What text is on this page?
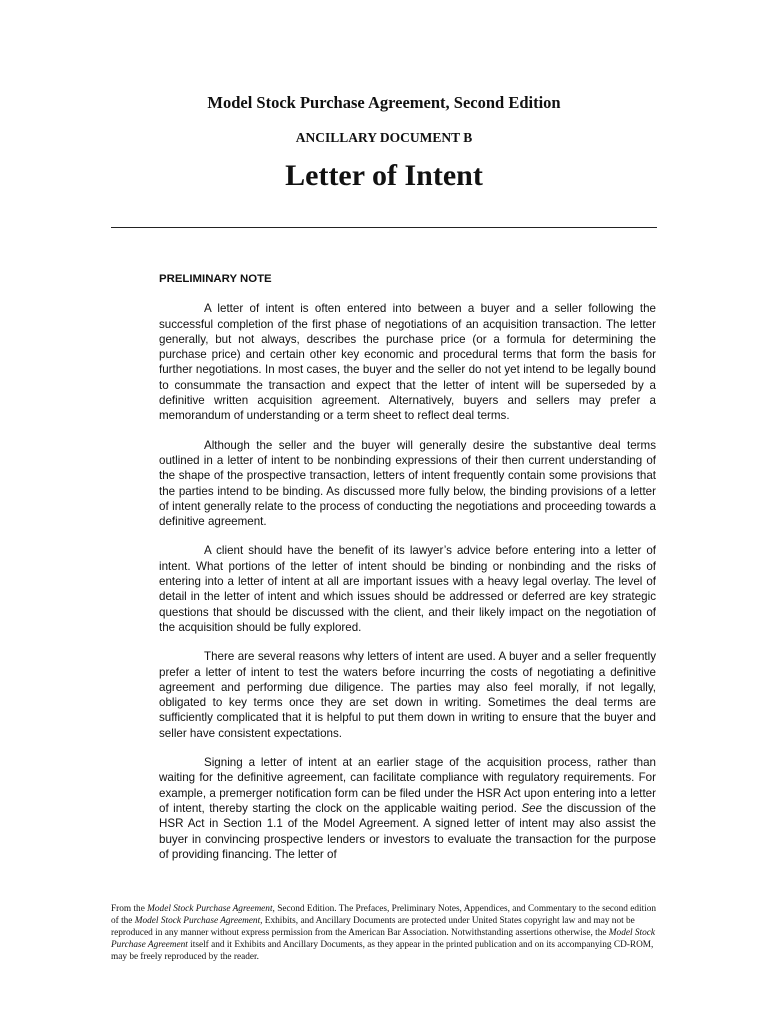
Model Stock Purchase Agreement, Second Edition
ANCILLARY DOCUMENT B
Letter of Intent

PRELIMINARY NOTE

A letter of intent is often entered into between a buyer and a seller following the successful completion of the first phase of negotiations of an acquisition transaction. The letter generally, but not always, describes the purchase price (or a formula for determining the purchase price) and certain other key economic and procedural terms that form the basis for further negotiations. In most cases, the buyer and the seller do not yet intend to be legally bound to consummate the transaction and expect that the letter of intent will be superseded by a definitive written acquisition agreement. Alternatively, buyers and sellers may prefer a memorandum of understanding or a term sheet to reflect deal terms.

Although the seller and the buyer will generally desire the substantive deal terms outlined in a letter of intent to be nonbinding expressions of their then current understanding of the shape of the prospective transaction, letters of intent frequently contain some provisions that the parties intend to be binding. As discussed more fully below, the binding provisions of a letter of intent generally relate to the process of conducting the negotiations and proceeding towards a definitive agreement.

A client should have the benefit of its lawyer’s advice before entering into a letter of intent. What portions of the letter of intent should be binding or nonbinding and the risks of entering into a letter of intent at all are important issues with a heavy legal overlay. The level of detail in the letter of intent and which issues should be addressed or deferred are key strategic questions that should be discussed with the client, and their likely impact on the negotiation of the acquisition should be fully explored.

There are several reasons why letters of intent are used. A buyer and a seller frequently prefer a letter of intent to test the waters before incurring the costs of negotiating a definitive agreement and performing due diligence. The parties may also feel morally, if not legally, obligated to key terms once they are set down in writing. Sometimes the deal terms are sufficiently complicated that it is helpful to put them down in writing to ensure that the buyer and seller have consistent expectations.

Signing a letter of intent at an earlier stage of the acquisition process, rather than waiting for the definitive agreement, can facilitate compliance with regulatory requirements. For example, a premerger notification form can be filed under the HSR Act upon entering into a letter of intent, thereby starting the clock on the applicable waiting period. See the discussion of the HSR Act in Section 1.1 of the Model Agreement. A signed letter of intent may also assist the buyer in convincing prospective lenders or investors to evaluate the transaction for the purpose of providing financing. The letter of

From the Model Stock Purchase Agreement, Second Edition. The Prefaces, Preliminary Notes, Appendices, and Commentary to the second edition of the Model Stock Purchase Agreement, Exhibits, and Ancillary Documents are protected under United States copyright law and may not be reproduced in any manner without express permission from the American Bar Association. Notwithstanding assertions otherwise, the Model Stock Purchase Agreement itself and it Exhibits and Ancillary Documents, as they appear in the printed publication and on its accompanying CD-ROM, may be freely reproduced by the reader.
